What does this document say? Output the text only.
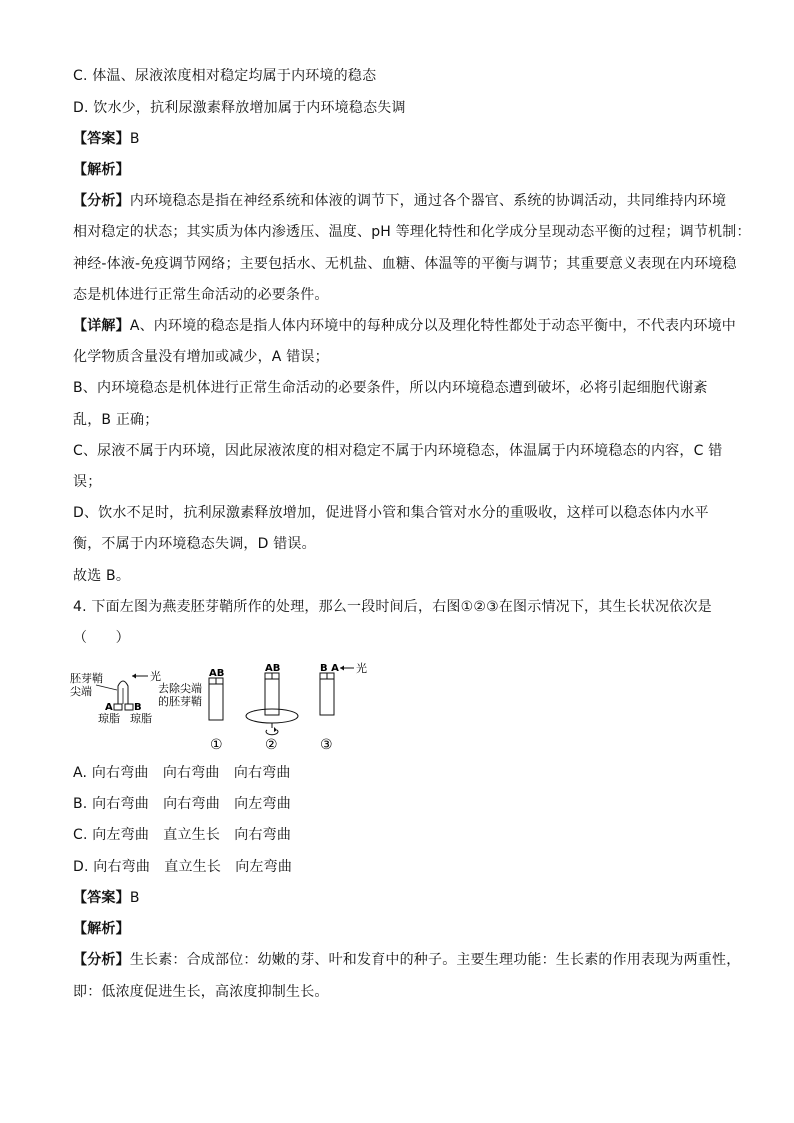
C. 体温、尿液浓度相对稳定均属于内环境的稳态
D. 饮水少，抗利尿激素释放增加属于内环境稳态失调
【答案】B
【解析】
【分析】内环境稳态是指在神经系统和体液的调节下，通过各个器官、系统的协调活动，共同维持内环境
相对稳定的状态；其实质为体内渗透压、温度、pH 等理化特性和化学成分呈现动态平衡的过程；调节机制：
神经-体液-免疫调节网络；主要包括水、无机盐、血糖、体温等的平衡与调节；其重要意义表现在内环境稳
态是机体进行正常生命活动的必要条件。
【详解】A、内环境的稳态是指人体内环境中的每种成分以及理化特性都处于动态平衡中，不代表内环境中
化学物质含量没有增加或减少，A 错误；
B、内环境稳态是机体进行正常生命活动的必要条件，所以内环境稳态遭到破坏，必将引起细胞代谢紊
乱，B 正确；
C、尿液不属于内环境，因此尿液浓度的相对稳定不属于内环境稳态，体温属于内环境稳态的内容，C 错
误；
D、饮水不足时，抗利尿激素释放增加，促进肾小管和集合管对水分的重吸收，这样可以稳态体内水平
衡，不属于内环境稳态失调，D 错误。
故选 B。
4. 下面左图为燕麦胚芽鞘所作的处理，那么一段时间后，右图①②③在图示情况下，其生长状况依次是
（　　）
胚芽鞘
尖端
A B
光
琼脂 琼脂
去除尖端
的胚芽鞘
AB
①
AB
②
B A 光
③
A. 向右弯曲　向右弯曲　向右弯曲
B. 向右弯曲　向右弯曲　向左弯曲
C. 向左弯曲　直立生长　向右弯曲
D. 向右弯曲　直立生长　向左弯曲
【答案】B
【解析】
【分析】生长素：合成部位：幼嫩的芽、叶和发育中的种子。主要生理功能：生长素的作用表现为两重性，
即：低浓度促进生长，高浓度抑制生长。
